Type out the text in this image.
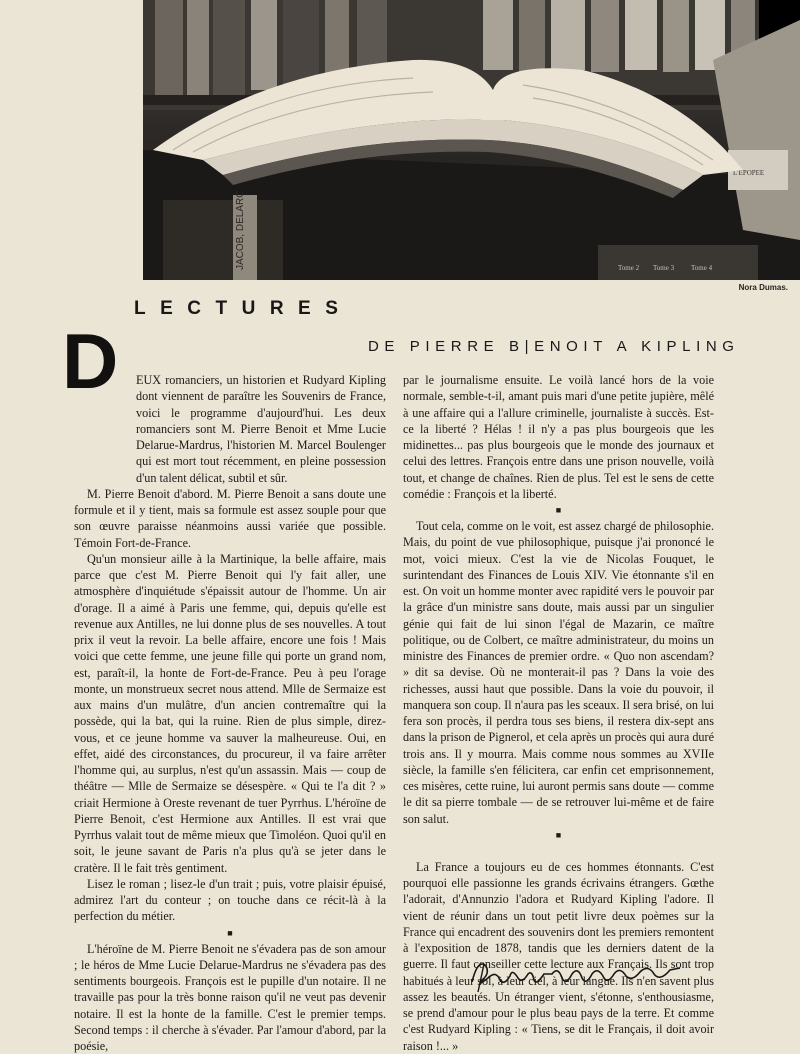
JACOB, DELARC	Tome 2 Tome 3 Tome 4
L'EPOPEE
Nora Dumas.
LECTURES
DE PIERRE B|ENOIT A KIPLING
D	EUX romanciers, un historien et Rudyard Kipling dont viennent de paraître les Souvenirs de France, voici le programme d'aujourd'hui. Les deux romanciers sont M. Pierre Benoit et Mme Lucie Delarue-Mardrus, l'historien M. Marcel Boulenger qui est mort tout récemment, en pleine possession d'un talent délicat, subtil et sûr.

M. Pierre Benoit d'abord. M. Pierre Benoit a sans doute une formule et il y tient, mais sa formule est assez souple pour que son œuvre paraisse néanmoins aussi variée que possible. Témoin Fort-de-France.

Qu'un monsieur aille à la Martinique, la belle affaire, mais parce que c'est M. Pierre Benoit qui l'y fait aller, une atmosphère d'inquiétude s'épaissit autour de l'homme. Un air d'orage. Il a aimé à Paris une femme, qui, depuis qu'elle est revenue aux Antilles, ne lui donne plus de ses nouvelles. A tout prix il veut la revoir. La belle affaire, encore une fois ! Mais voici que cette femme, une jeune fille qui porte un grand nom, est, paraît-il, la honte de Fort-de-France. Peu à peu l'orage monte, un monstrueux secret nous attend. Mlle de Sermaize est aux mains d'un mulâtre, d'un ancien contremaître qui la possède, qui la bat, qui la ruine. Rien de plus simple, direz-vous, et ce jeune homme va sauver la malheureuse. Oui, en effet, aidé des circonstances, du procureur, il va faire arrêter l'homme qui, au surplus, n'est qu'un assassin. Mais — coup de théâtre — Mlle de Sermaize se désespère. « Qui te l'a dit ? » criait Hermione à Oreste revenant de tuer Pyrrhus. L'héroïne de Pierre Benoit, c'est Hermione aux Antilles. Il est vrai que Pyrrhus valait tout de même mieux que Timoléon. Quoi qu'il en soit, le jeune savant de Paris n'a plus qu'à se jeter dans le cratère. Il le fait très gentiment.

Lisez le roman ; lisez-le d'un trait ; puis, votre plaisir épuisé, admirez l'art du conteur ; on touche dans ce récit-là à la perfection du métier.

■

L'héroïne de M. Pierre Benoit ne s'évadera pas de son amour ; le héros de Mme Lucie Delarue-Mardrus ne s'évadera pas des sentiments bourgeois. François est le pupille d'un notaire. Il ne travaille pas pour la très bonne raison qu'il ne veut pas devenir notaire. Il est la honte de la famille. C'est le premier temps. Second temps : il cherche à s'évader. Par l'amour d'abord, par la poésie,

par le journalisme ensuite. Le voilà lancé hors de la voie normale, semble-t-il, amant puis mari d'une petite jupière, mêlé à une affaire qui a l'allure criminelle, journaliste à succès. Est-ce la liberté ? Hélas ! il n'y a pas plus bourgeois que les midinettes... pas plus bourgeois que le monde des journaux et celui des lettres. François entre dans une prison nouvelle, voilà tout, et change de chaînes. Rien de plus. Tel est le sens de cette comédie : François et la liberté.

■

Tout cela, comme on le voit, est assez chargé de philosophie. Mais, du point de vue philosophique, puisque j'ai prononcé le mot, voici mieux. C'est la vie de Nicolas Fouquet, le surintendant des Finances de Louis XIV. Vie étonnante s'il en est. On voit un homme monter avec rapidité vers le pouvoir par la grâce d'un ministre sans doute, mais aussi par un singulier génie qui fait de lui sinon l'égal de Mazarin, ce maître politique, ou de Colbert, ce maître administrateur, du moins un ministre des Finances de premier ordre. « Quo non ascendam? » dit sa devise. Où ne monterait-il pas ? Dans la voie des richesses, aussi haut que possible. Dans la voie du pouvoir, il manquera son coup. Il n'aura pas les sceaux. Il sera brisé, on lui fera son procès, il perdra tous ses biens, il restera dix-sept ans dans la prison de Pignerol, et cela après un procès qui aura duré trois ans. Il y mourra. Mais comme nous sommes au XVIIe siècle, la famille s'en félicitera, car enfin cet emprisonnement, ces misères, cette ruine, lui auront permis sans doute — comme le dit sa pierre tombale — de se retrouver lui-même et de faire son salut.

■

La France a toujours eu de ces hommes étonnants. C'est pourquoi elle passionne les grands écrivains étrangers. Gœthe l'adorait, d'Annunzio l'adora et Rudyard Kipling l'adore. Il vient de réunir dans un tout petit livre deux poèmes sur la France qui encadrent des souvenirs dont les premiers remontent à l'exposition de 1878, tandis que les derniers datent de la guerre. Il faut conseiller cette lecture aux Français. Ils sont trop habitués à leur sol, à leur ciel, à leur langue. Ils n'en savent plus assez les beautés. Un étranger vient, s'étonne, s'enthousiasme, se prend d'amour pour le plus beau pays de la terre. Et comme c'est Rudyard Kipling : « Tiens, se dit le Français, il doit avoir raison !... »
